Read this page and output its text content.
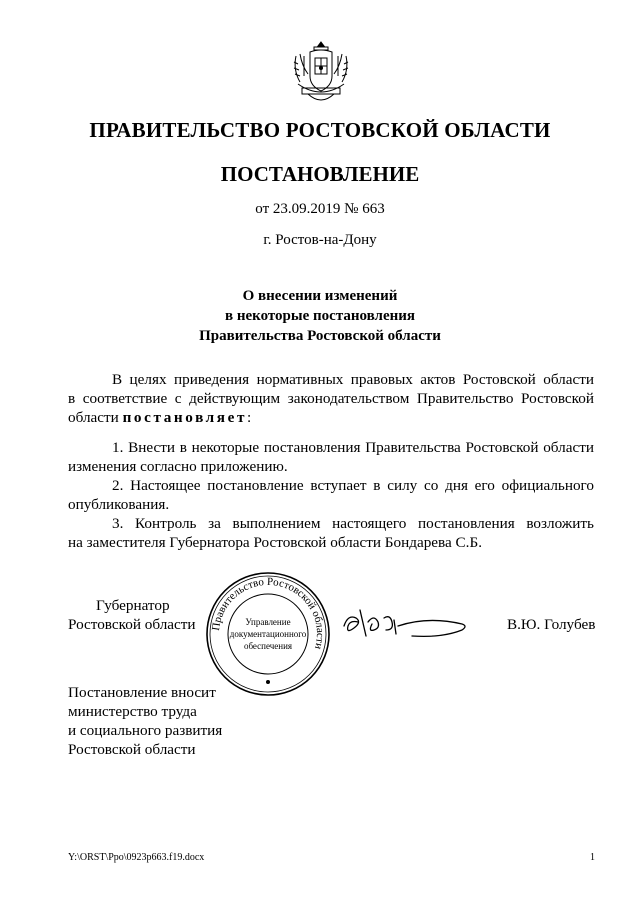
ПРАВИТЕЛЬСТВО РОСТОВСКОЙ ОБЛАСТИ
ПОСТАНОВЛЕНИЕ
от 23.09.2019 № 663
г. Ростов-на-Дону
О внесении изменений
в некоторые постановления
Правительства Ростовской области
В целях приведения нормативных правовых актов Ростовской области
в соответствие с действующим законодательством Правительство Ростовской
области постановляет:
1. Внести в некоторые постановления Правительства Ростовской области
изменения согласно приложению.
2. Настоящее постановление вступает в силу со дня его официального
опубликования.
3. Контроль за выполнением настоящего постановления возложить
на заместителя Губернатора Ростовской области Бондарева С.Б.
Губернатор
Ростовской области	В.Ю. Голубев
Правительство Ростовской области
Управление
документационного
обеспечения
Постановление вносит
министерство труда
и социального развития
Ростовской области
Y:\ORST\Ppo\0923p663.f19.docx	1
